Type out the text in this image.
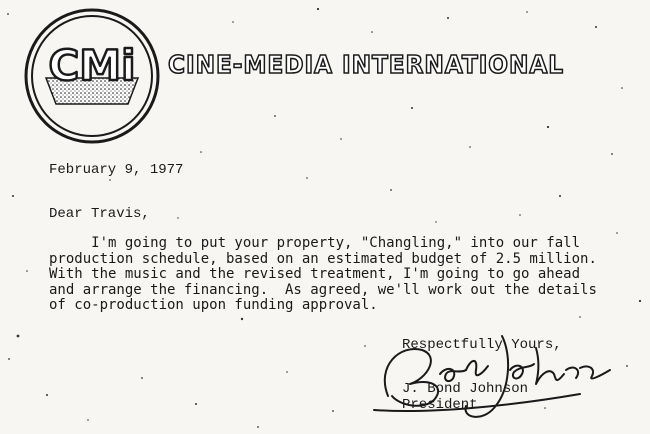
CMi CINE-MEDIA INTERNATIONAL
February 9, 1977
Dear Travis,
I'm going to put your property, "Changling," into our fall
production schedule, based on an estimated budget of 2.5 million.
With the music and the revised treatment, I'm going to go ahead
and arrange the financing.  As agreed, we'll work out the details
of co-production upon funding approval.
Respectfully Yours,
J. Bond Johnson
President
